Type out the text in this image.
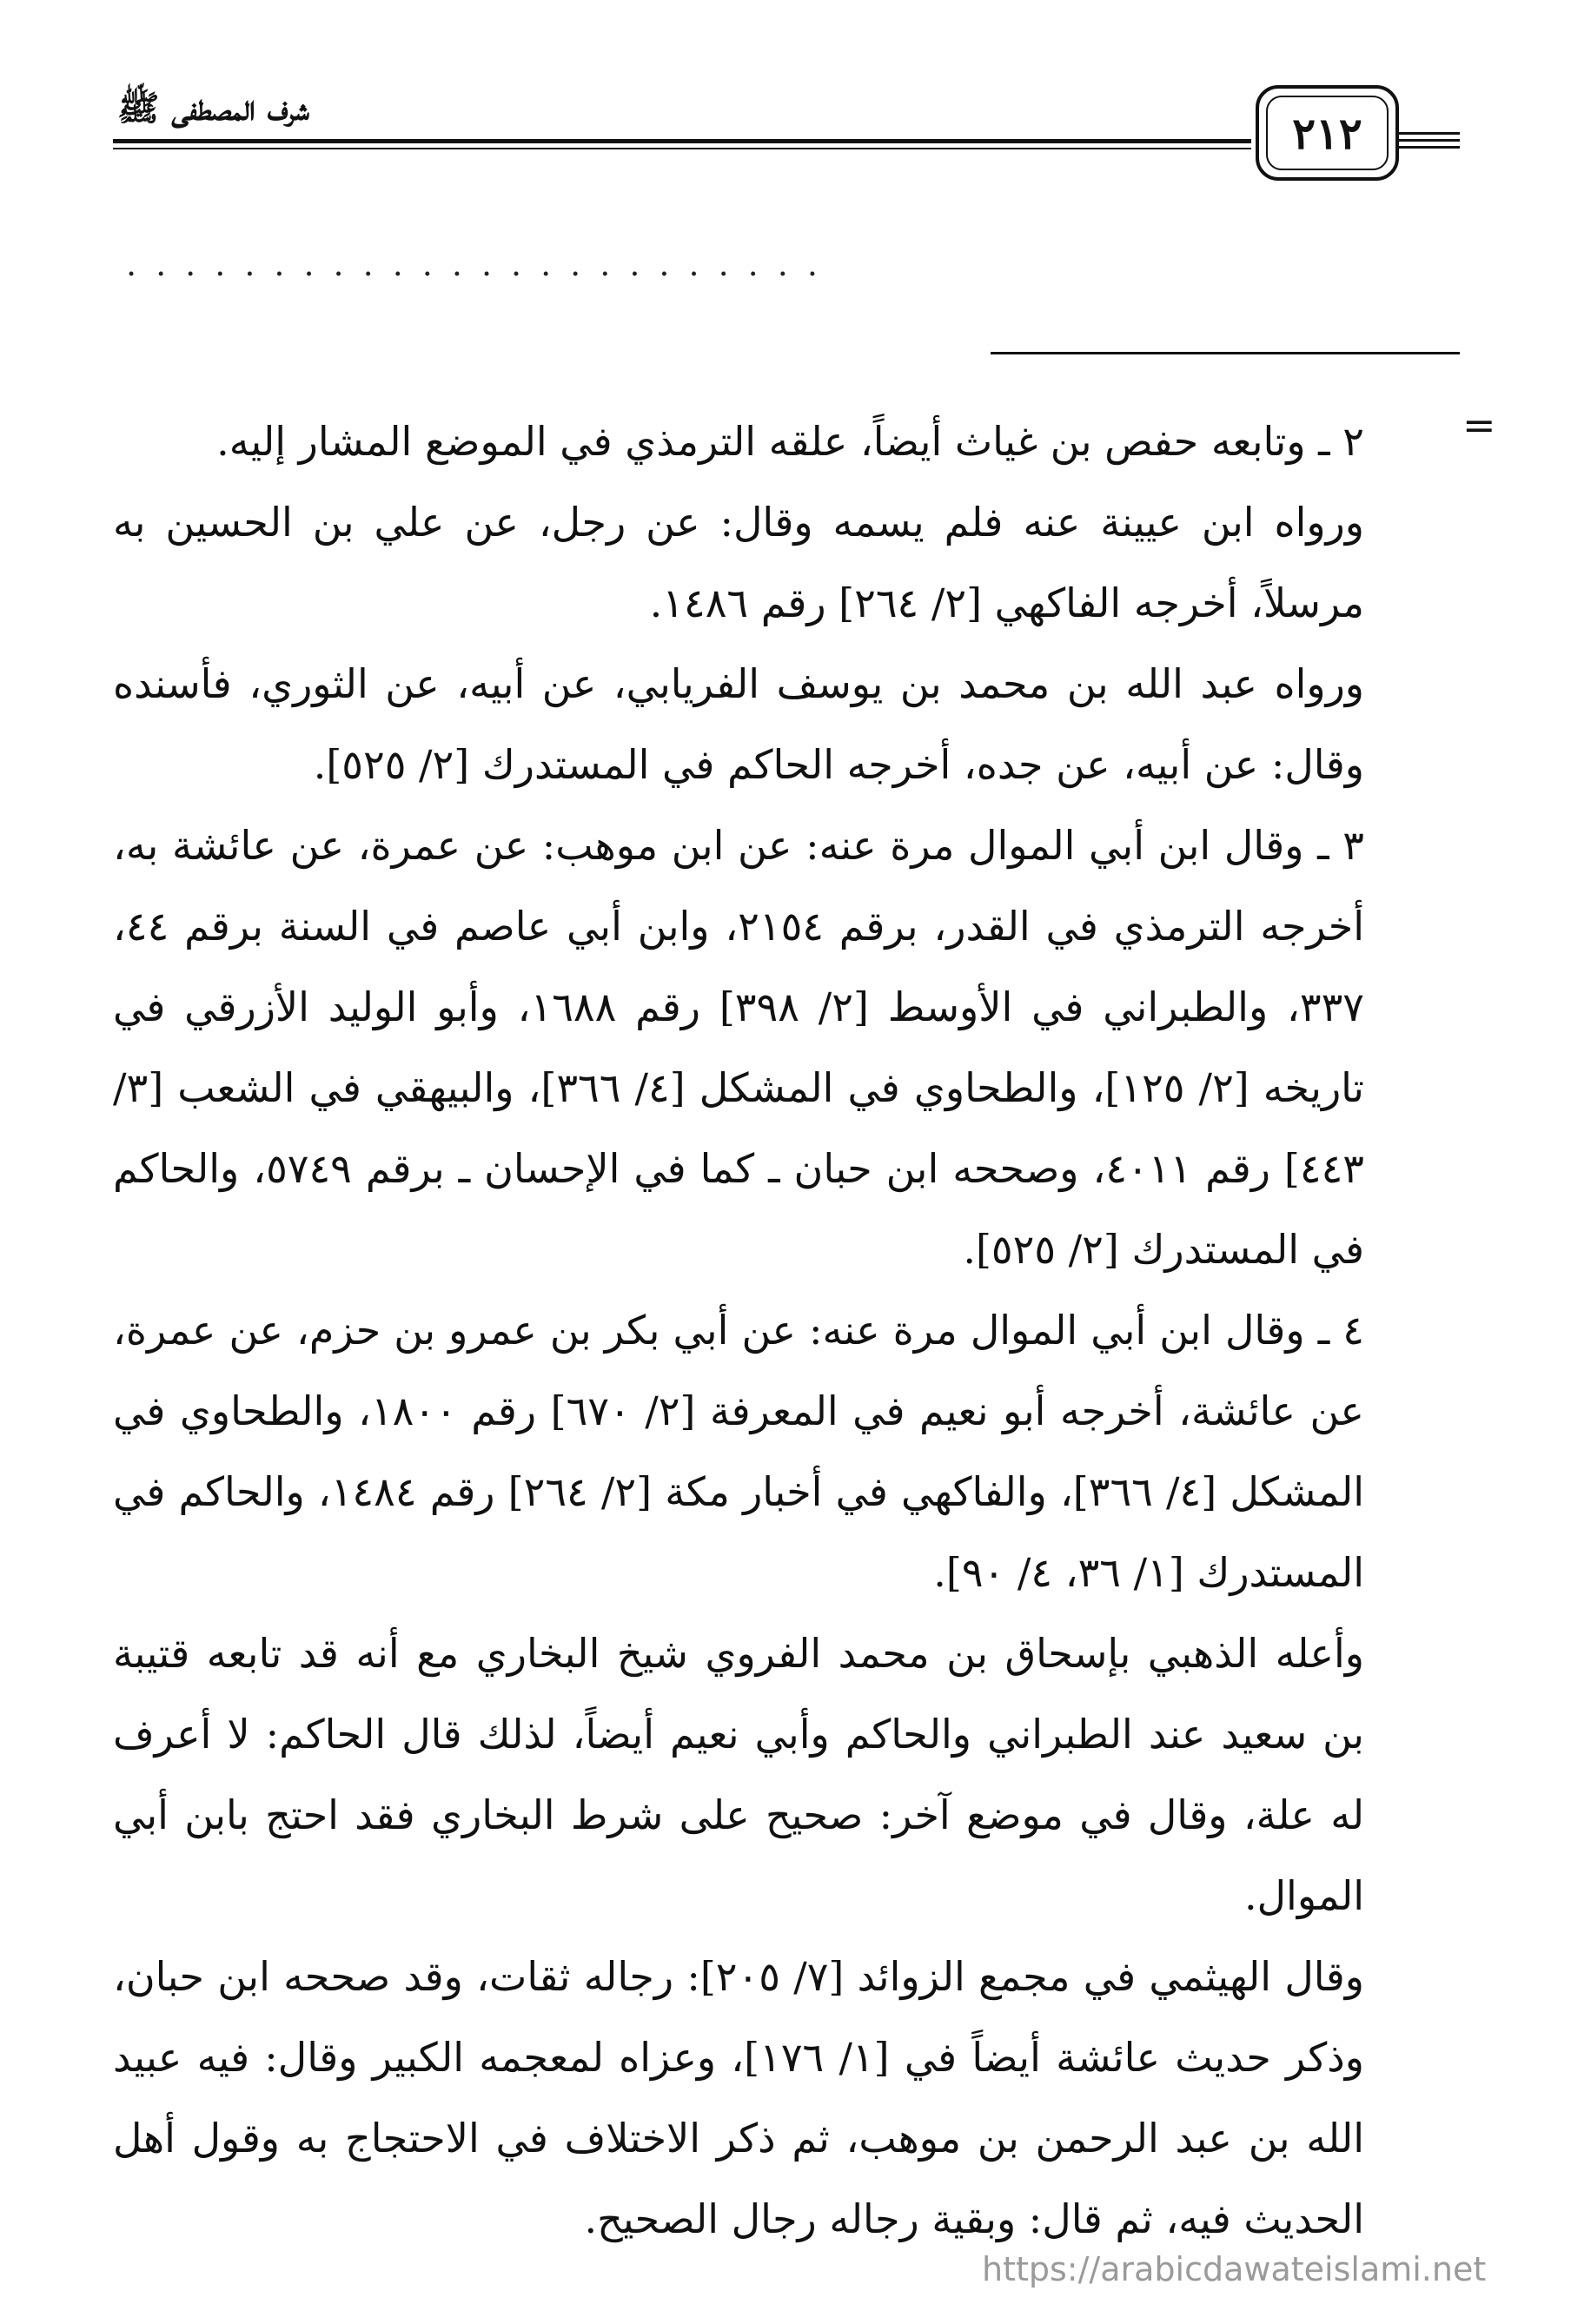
شرف المصطفى ﷺ	٢١٢
........................
=

٢ ـ وتابعه حفص بن غياث أيضاً، علقه الترمذي في الموضع المشار إليه.

ورواه ابن عيينة عنه فلم يسمه وقال: عن رجل، عن علي بن الحسين به مرسلاً، أخرجه الفاكهي [٢/ ٢٦٤] رقم ١٤٨٦.

ورواه عبد الله بن محمد بن يوسف الفريابي، عن أبيه، عن الثوري، فأسنده وقال: عن أبيه، عن جده، أخرجه الحاكم في المستدرك [٢/ ٥٢٥].

٣ ـ وقال ابن أبي الموال مرة عنه: عن ابن موهب: عن عمرة، عن عائشة به، أخرجه الترمذي في القدر، برقم ٢١٥٤، وابن أبي عاصم في السنة برقم ٤٤، ٣٣٧، والطبراني في الأوسط [٢/ ٣٩٨] رقم ١٦٨٨، وأبو الوليد الأزرقي في تاريخه [٢/ ١٢٥]، والطحاوي في المشكل [٤/ ٣٦٦]، والبيهقي في الشعب [٣/ ٤٤٣] رقم ٤٠١١، وصححه ابن حبان ـ كما في الإحسان ـ برقم ٥٧٤٩، والحاكم في المستدرك [٢/ ٥٢٥].

٤ ـ وقال ابن أبي الموال مرة عنه: عن أبي بكر بن عمرو بن حزم، عن عمرة، عن عائشة، أخرجه أبو نعيم في المعرفة [٢/ ٦٧٠] رقم ١٨٠٠، والطحاوي في المشكل [٤/ ٣٦٦]، والفاكهي في أخبار مكة [٢/ ٢٦٤] رقم ١٤٨٤، والحاكم في المستدرك [١/ ٣٦، ٤/ ٩٠].

وأعله الذهبي بإسحاق بن محمد الفروي شيخ البخاري مع أنه قد تابعه قتيبة بن سعيد عند الطبراني والحاكم وأبي نعيم أيضاً، لذلك قال الحاكم: لا أعرف له علة، وقال في موضع آخر: صحيح على شرط البخاري فقد احتج بابن أبي الموال.

وقال الهيثمي في مجمع الزوائد [٧/ ٢٠٥]: رجاله ثقات، وقد صححه ابن حبان، وذكر حديث عائشة أيضاً في [١/ ١٧٦]، وعزاه لمعجمه الكبير وقال: فيه عبيد الله بن عبد الرحمن بن موهب، ثم ذكر الاختلاف في الاحتجاج به وقول أهل الحديث فيه، ثم قال: وبقية رجاله رجال الصحيح.

https://arabicdawateislami.net
